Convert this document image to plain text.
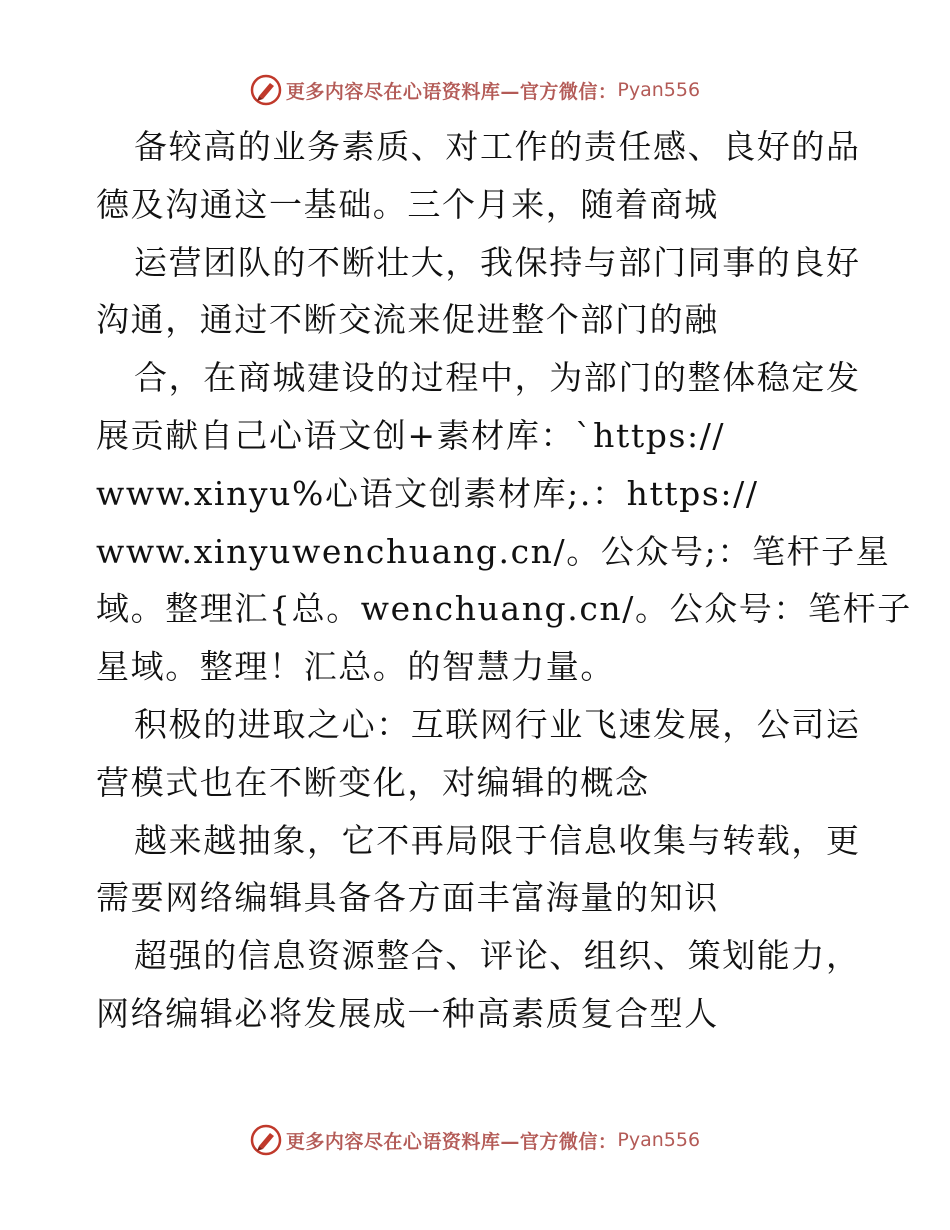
更多内容尽在心语资料库—官方微信： Pyan556
备较高的业务素质、对工作的责任感、良好的品
德及沟通这一基础。三个月来，随着商城
运营团队的不断壮大，我保持与部门同事的良好
沟通，通过不断交流来促进整个部门的融
合，在商城建设的过程中，为部门的整体稳定发
展贡献自己心语文创+素材库：`https://
www.xinyu%心语文创素材库;.：https://
www.xinyuwenchuang.cn/。公众号;：笔杆子星
域。整理汇{总。wenchuang.cn/。公众号：笔杆子
星域。整理！汇总。的智慧力量。
积极的进取之心：互联网行业飞速发展，公司运
营模式也在不断变化，对编辑的概念
越来越抽象，它不再局限于信息收集与转载，更
需要网络编辑具备各方面丰富海量的知识
超强的信息资源整合、评论、组织、策划能力，
网络编辑必将发展成一种高素质复合型人
更多内容尽在心语资料库—官方微信： Pyan556
